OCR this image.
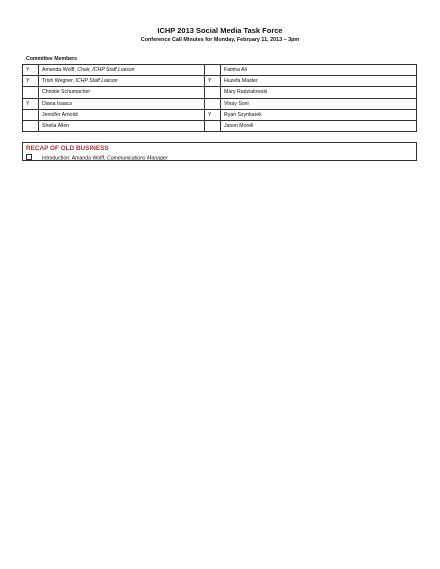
ICHP 2013 Social Media Task Force
Conference Call Minutes for Monday, February 11, 2013 – 3pm
Committee Members
Y	Amanda Wolff, Chair, ICHP Staff Liaison		Fatima Ali
Y	Trish Wegner, ICHP Staff Liaison	Y	Huzefa Master
	Christie Schumacher		Mary Radzialowski
Y	Diana Isaacs		Vinay Soni
	Jennifer Arnoldi	Y	Ryan Szynkarek
	Sheila Allen		Jason Morell
RECAP OF OLD BUSINESS
Introduction: Amanda Wolff, Communications Manager
